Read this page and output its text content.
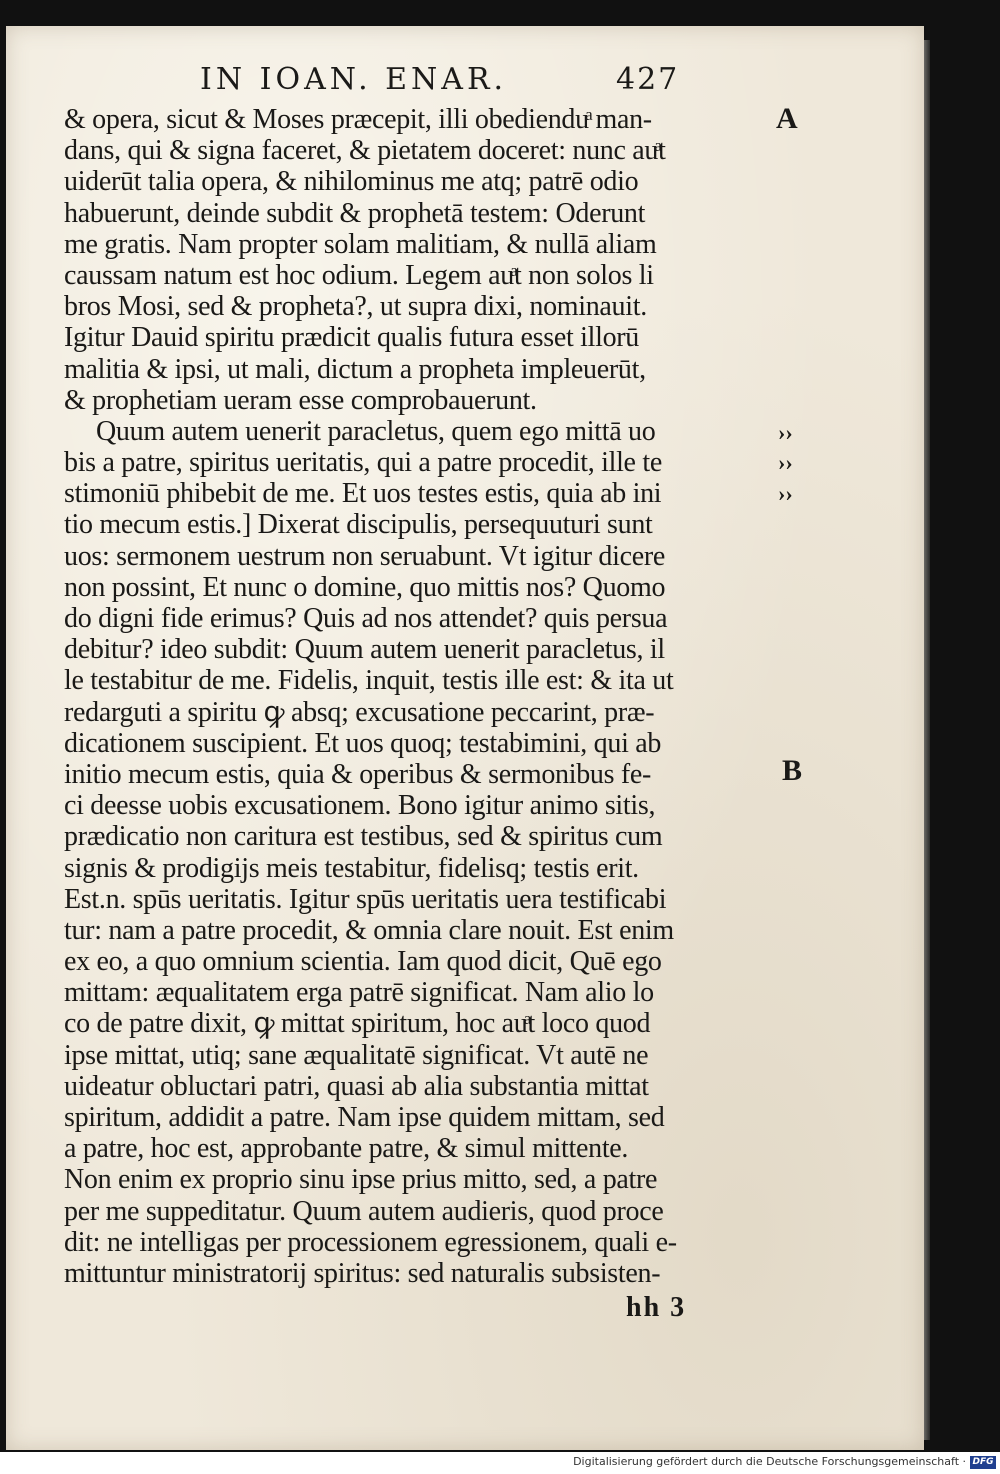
IN IOAN. ENAR.	427
& opera, sicut & Moses præcepit, illi obedienduͣ man-
dans, qui & signa faceret, & pietatem doceret: nunc auͣt
uiderūt talia opera, & nihilominus me atq; patrē odio
habuerunt, deinde subdit & prophetā testem: Oderunt
me gratis. Nam propter solam malitiam, & nullā aliam
caussam natum est hoc odium. Legem auͣt non solos li
bros Mosi, sed & propheta?, ut supra dixi, nominauit.
Igitur Dauid spiritu prædicit qualis futura esset illorū
malitia & ipsi, ut mali, dictum a propheta impleuerūt,
& prophetiam ueram esse comprobauerunt.
Quum autem uenerit paracletus, quem ego mittā uo
bis a patre, spiritus ueritatis, qui a patre procedit, ille te
stimoniū phibebit de me. Et uos testes estis, quia ab ini
tio mecum estis.] Dixerat discipulis, persequuturi sunt
uos: sermonem uestrum non seruabunt. Vt igitur dicere
non possint, Et nunc o domine, quo mittis nos? Quomo
do digni fide erimus? Quis ad nos attendet? quis persua
debitur? ideo subdit: Quum autem uenerit paracletus, il
le testabitur de me. Fidelis, inquit, testis ille est: & ita ut
redarguti a spiritu ꝙ absq; excusatione peccarint, præ-
dicationem suscipient. Et uos quoq; testabimini, qui ab
initio mecum estis, quia & operibus & sermonibus fe-
ci deesse uobis excusationem. Bono igitur animo sitis,
prædicatio non caritura est testibus, sed & spiritus cum
signis & prodigijs meis testabitur, fidelisq; testis erit.
Est.n. spūs ueritatis. Igitur spūs ueritatis uera testificabi
tur: nam a patre procedit, & omnia clare nouit. Est enim
ex eo, a quo omnium scientia. Iam quod dicit, Quē ego
mittam: æqualitatem erga patrē significat. Nam alio lo
co de patre dixit, ꝙ mittat spiritum, hoc auͣt loco quod
ipse mittat, utiq; sane æqualitatē significat. Vt autē ne
uideatur obluctari patri, quasi ab alia substantia mittat
spiritum, addidit a patre. Nam ipse quidem mittam, sed
a patre, hoc est, approbante patre, & simul mittente.
Non enim ex proprio sinu ipse prius mitto, sed, a patre
per me suppeditatur. Quum autem audieris, quod proce
dit: ne intelligas per processionem egressionem, quali e-
mittuntur ministratorij spiritus: sed naturalis subsisten-
A
››
››
››
B
hh 3
Digitalisierung gefördert durch die Deutsche Forschungsgemeinschaft · DFG
